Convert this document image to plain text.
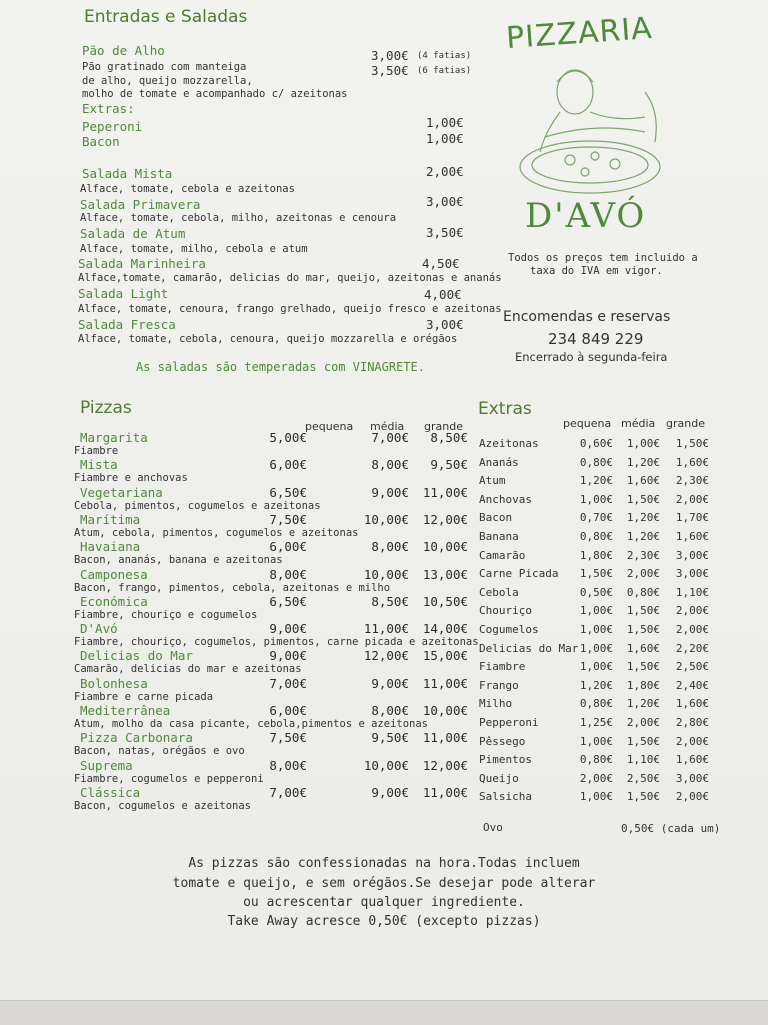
Entradas e Saladas
Pão de Alho	3,00€ (4 fatias)
3,50€ (6 fatias)
Pão gratinado com manteiga
de alho, queijo mozzarella,
molho de tomate e acompanhado c/ azeitonas
Extras:
Peperoni	1,00€
Bacon	1,00€
Salada Mista	2,00€
Alface, tomate, cebola e azeitonas
Salada Primavera	3,00€
Alface, tomate, cebola, milho, azeitonas e cenoura
Salada de Atum	3,50€
Alface, tomate, milho, cebola e atum
Salada Marinheira	4,50€
Alface,tomate, camarão, delicias do mar, queijo, azeitonas e ananás
Salada Light	4,00€
Alface, tomate, cenoura, frango grelhado, queijo fresco e azeitonas
Salada Fresca	3,00€
Alface, tomate, cebola, cenoura, queijo mozzarella e orégãos
As saladas são temperadas com VINAGRETE.
PIZZARIA
D'AVÓ
Todos os preços tem incluido a
taxa do IVA em vigor.
Encomendas e reservas
234 849 229
Encerrado à segunda-feira
Pizzas
pequena média grande
Margarita	5,00€	7,00€	8,50€
Fiambre
Mista	6,00€	8,00€	9,50€
Fiambre e anchovas
Vegetariana	6,50€	9,00€	11,00€
Cebola, pimentos, cogumelos e azeitonas
Marítima	7,50€	10,00€	12,00€
Atum, cebola, pimentos, cogumelos e azeitonas
Havaiana	6,00€	8,00€	10,00€
Bacon, ananás, banana e azeitonas
Camponesa	8,00€	10,00€	13,00€
Bacon, frango, pimentos, cebola, azeitonas e milho
Económica	6,50€	8,50€	10,50€
Fiambre, chouriço e cogumelos
D'Avó	9,00€	11,00€	14,00€
Fiambre, chouriço, cogumelos, pimentos, carne picada e azeitonas
Delicias do Mar	9,00€	12,00€	15,00€
Camarão, delicias do mar e azeitonas
Bolonhesa	7,00€	9,00€	11,00€
Fiambre e carne picada
Mediterrânea	6,00€	8,00€	10,00€
Atum, molho da casa picante, cebola,pimentos e azeitonas
Pizza Carbonara	7,50€	9,50€	11,00€
Bacon, natas, orégãos e ovo
Suprema	8,00€	10,00€	12,00€
Fiambre, cogumelos e pepperoni
Clássica	7,00€	9,00€	11,00€
Bacon, cogumelos e azeitonas
Extras
pequena média grande
Azeitonas	0,60€	1,00€	1,50€
Ananás	0,80€	1,20€	1,60€
Atum	1,20€	1,60€	2,30€
Anchovas	1,00€	1,50€	2,00€
Bacon	0,70€	1,20€	1,70€
Banana	0,80€	1,20€	1,60€
Camarão	1,80€	2,30€	3,00€
Carne Picada	1,50€	2,00€	3,00€
Cebola	0,50€	0,80€	1,10€
Chouriço	1,00€	1,50€	2,00€
Cogumelos	1,00€	1,50€	2,00€
Delicias do Mar 1,00€	1,60€	2,20€
Fiambre	1,00€	1,50€	2,50€
Frango	1,20€	1,80€	2,40€
Milho	0,80€	1,20€	1,60€
Pepperoni	1,25€	2,00€	2,80€
Pêssego	1,00€	1,50€	2,00€
Pimentos	0,80€	1,10€	1,60€
Queijo	2,00€	2,50€	3,00€
Salsicha	1,00€	1,50€	2,00€
Ovo	0,50€ (cada um)
As pizzas são confessionadas na hora.Todas incluem
tomate e queijo, e sem orégãos.Se desejar pode alterar
ou acrescentar qualquer ingrediente.
Take Away acresce 0,50€ (excepto pizzas)
